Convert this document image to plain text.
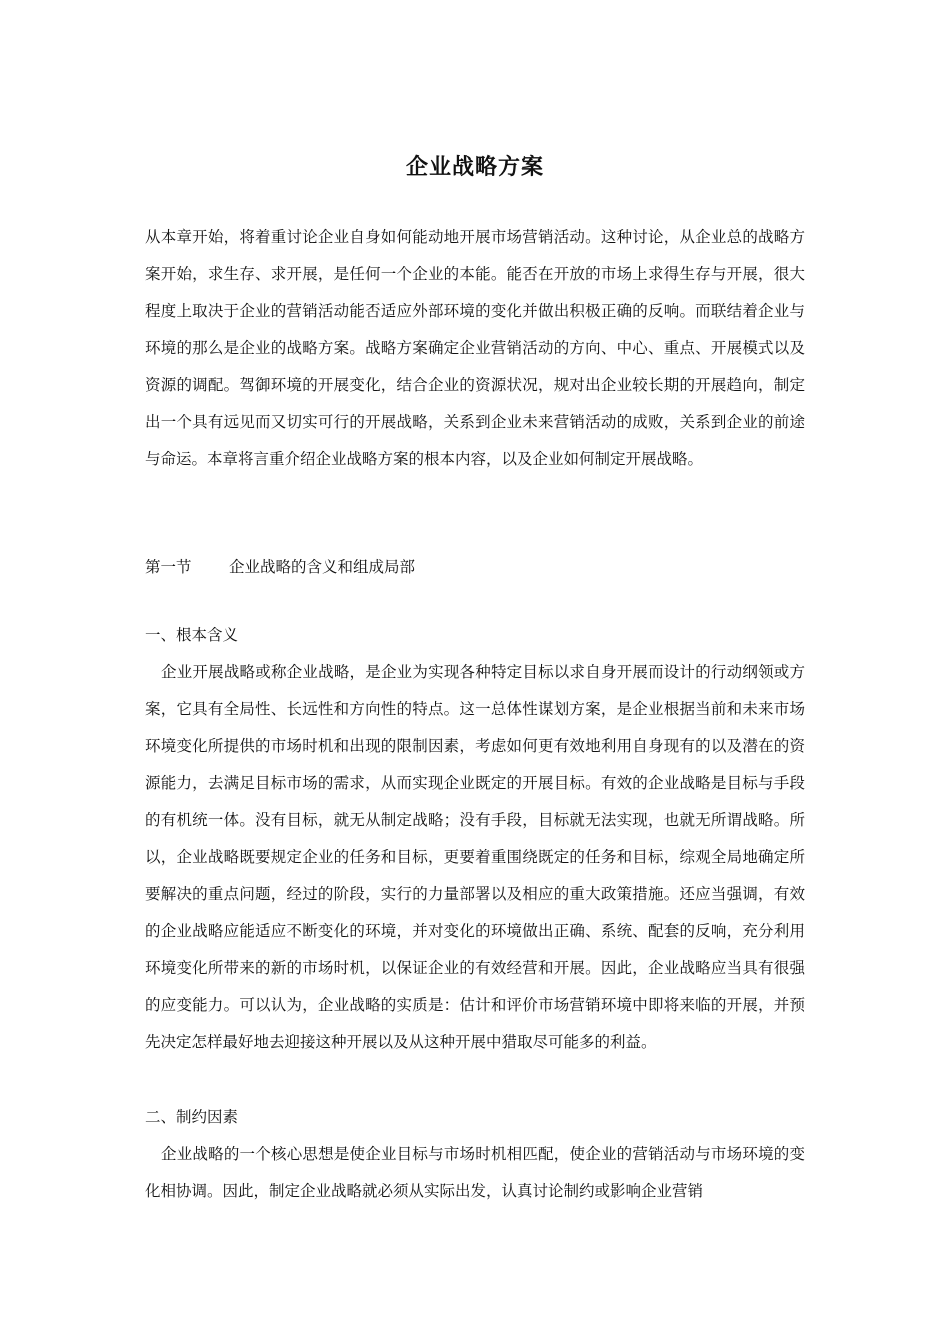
企业战略方案

从本章开始，将着重讨论企业自身如何能动地开展市场营销活动。这种讨论，从企业总的战略方案开始，求生存、求开展，是任何一个企业的本能。能否在开放的市场上求得生存与开展，很大程度上取决于企业的营销活动能否适应外部环境的变化并做出积极正确的反响。而联结着企业与环境的那么是企业的战略方案。战略方案确定企业营销活动的方向、中心、重点、开展模式以及资源的调配。驾御环境的开展变化，结合企业的资源状况，规对出企业较长期的开展趋向，制定出一个具有远见而又切实可行的开展战略，关系到企业未来营销活动的成败，关系到企业的前途与命运。本章将言重介绍企业战略方案的根本内容，以及企业如何制定开展战略。

第一节 企业战略的含义和组成局部

一、根本含义

企业开展战略或称企业战略，是企业为实现各种特定目标以求自身开展而设计的行动纲领或方案，它具有全局性、长远性和方向性的特点。这一总体性谋划方案，是企业根据当前和未来市场环境变化所提供的市场时机和出现的限制因素，考虑如何更有效地利用自身现有的以及潜在的资源能力，去满足目标市场的需求，从而实现企业既定的开展目标。有效的企业战略是目标与手段的有机统一体。没有目标，就无从制定战略；没有手段，目标就无法实现，也就无所谓战略。所以，企业战略既要规定企业的任务和目标，更要着重围绕既定的任务和目标，综观全局地确定所要解决的重点问题，经过的阶段，实行的力量部署以及相应的重大政策措施。还应当强调，有效的企业战略应能适应不断变化的环境，并对变化的环境做出正确、系统、配套的反响，充分利用环境变化所带来的新的市场时机，以保证企业的有效经营和开展。因此，企业战略应当具有很强的应变能力。可以认为，企业战略的实质是：估计和评价市场营销环境中即将来临的开展，并预先决定怎样最好地去迎接这种开展以及从这种开展中猎取尽可能多的利益。

二、制约因素

企业战略的一个核心思想是使企业目标与市场时机相匹配，使企业的营销活动与市场环境的变化相协调。因此，制定企业战略就必须从实际出发，认真讨论制约或影响企业营销
